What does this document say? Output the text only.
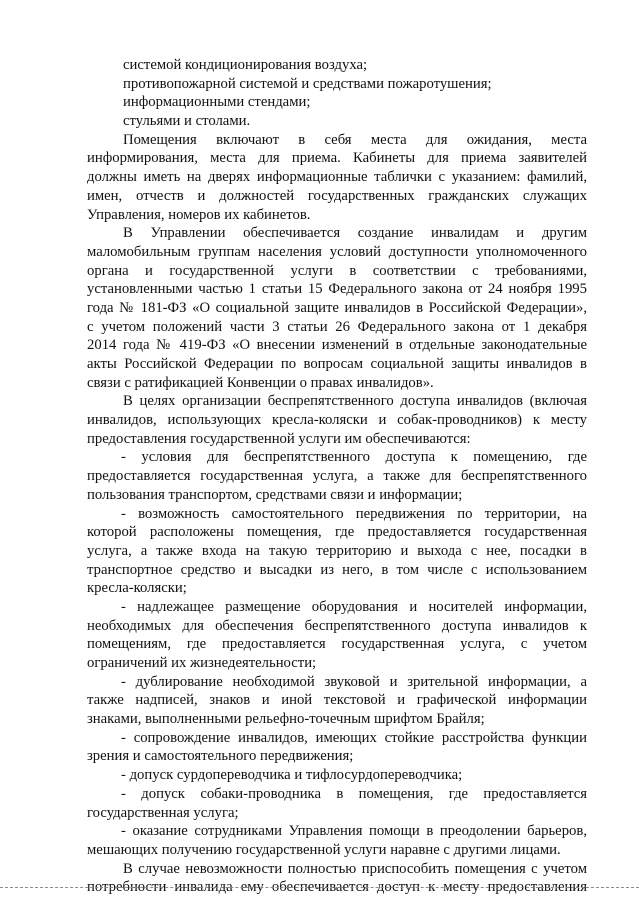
системой кондиционирования воздуха;
противопожарной системой и средствами пожаротушения;
информационными стендами;
стульями и столами.
Помещения включают в себя места для ожидания, места
информирования, места для приема. Кабинеты для приема заявителей
должны иметь на дверях информационные таблички с указанием: фамилий,
имен, отчеств и должностей государственных гражданских служащих
Управления, номеров их кабинетов.
В Управлении обеспечивается создание инвалидам и другим
маломобильным группам населения условий доступности уполномоченного
органа и государственной услуги в соответствии с требованиями,
установленными частью 1 статьи 15 Федерального закона от 24 ноября 1995
года № 181-ФЗ «О социальной защите инвалидов в Российской Федерации»,
с учетом положений части 3 статьи 26 Федерального закона от 1 декабря
2014 года № 419-ФЗ «О внесении изменений в отдельные законодательные
акты Российской Федерации по вопросам социальной защиты инвалидов в
связи с ратификацией Конвенции о правах инвалидов».
В целях организации беспрепятственного доступа инвалидов (включая
инвалидов, использующих кресла-коляски и собак-проводников) к месту
предоставления государственной услуги им обеспечиваются:
- условия для беспрепятственного доступа к помещению, где
предоставляется государственная услуга, а также для беспрепятственного
пользования транспортом, средствами связи и информации;
- возможность самостоятельного передвижения по территории, на
которой расположены помещения, где предоставляется государственная
услуга, а также входа на такую территорию и выхода с нее, посадки в
транспортное средство и высадки из него, в том числе с использованием
кресла-коляски;
- надлежащее размещение оборудования и носителей информации,
необходимых для обеспечения беспрепятственного доступа инвалидов к
помещениям, где предоставляется государственная услуга, с учетом
ограничений их жизнедеятельности;
- дублирование необходимой звуковой и зрительной информации, а
также надписей, знаков и иной текстовой и графической информации
знаками, выполненными рельефно-точечным шрифтом Брайля;
- сопровождение инвалидов, имеющих стойкие расстройства функции
зрения и самостоятельного передвижения;
- допуск сурдопереводчика и тифлосурдопереводчика;
- допуск собаки-проводника в помещения, где предоставляется
государственная услуга;
- оказание сотрудниками Управления помощи в преодолении барьеров,
мешающих получению государственной услуги наравне с другими лицами.
В случае невозможности полностью приспособить помещения с учетом
потребности инвалида ему обеспечивается доступ к месту предоставления
